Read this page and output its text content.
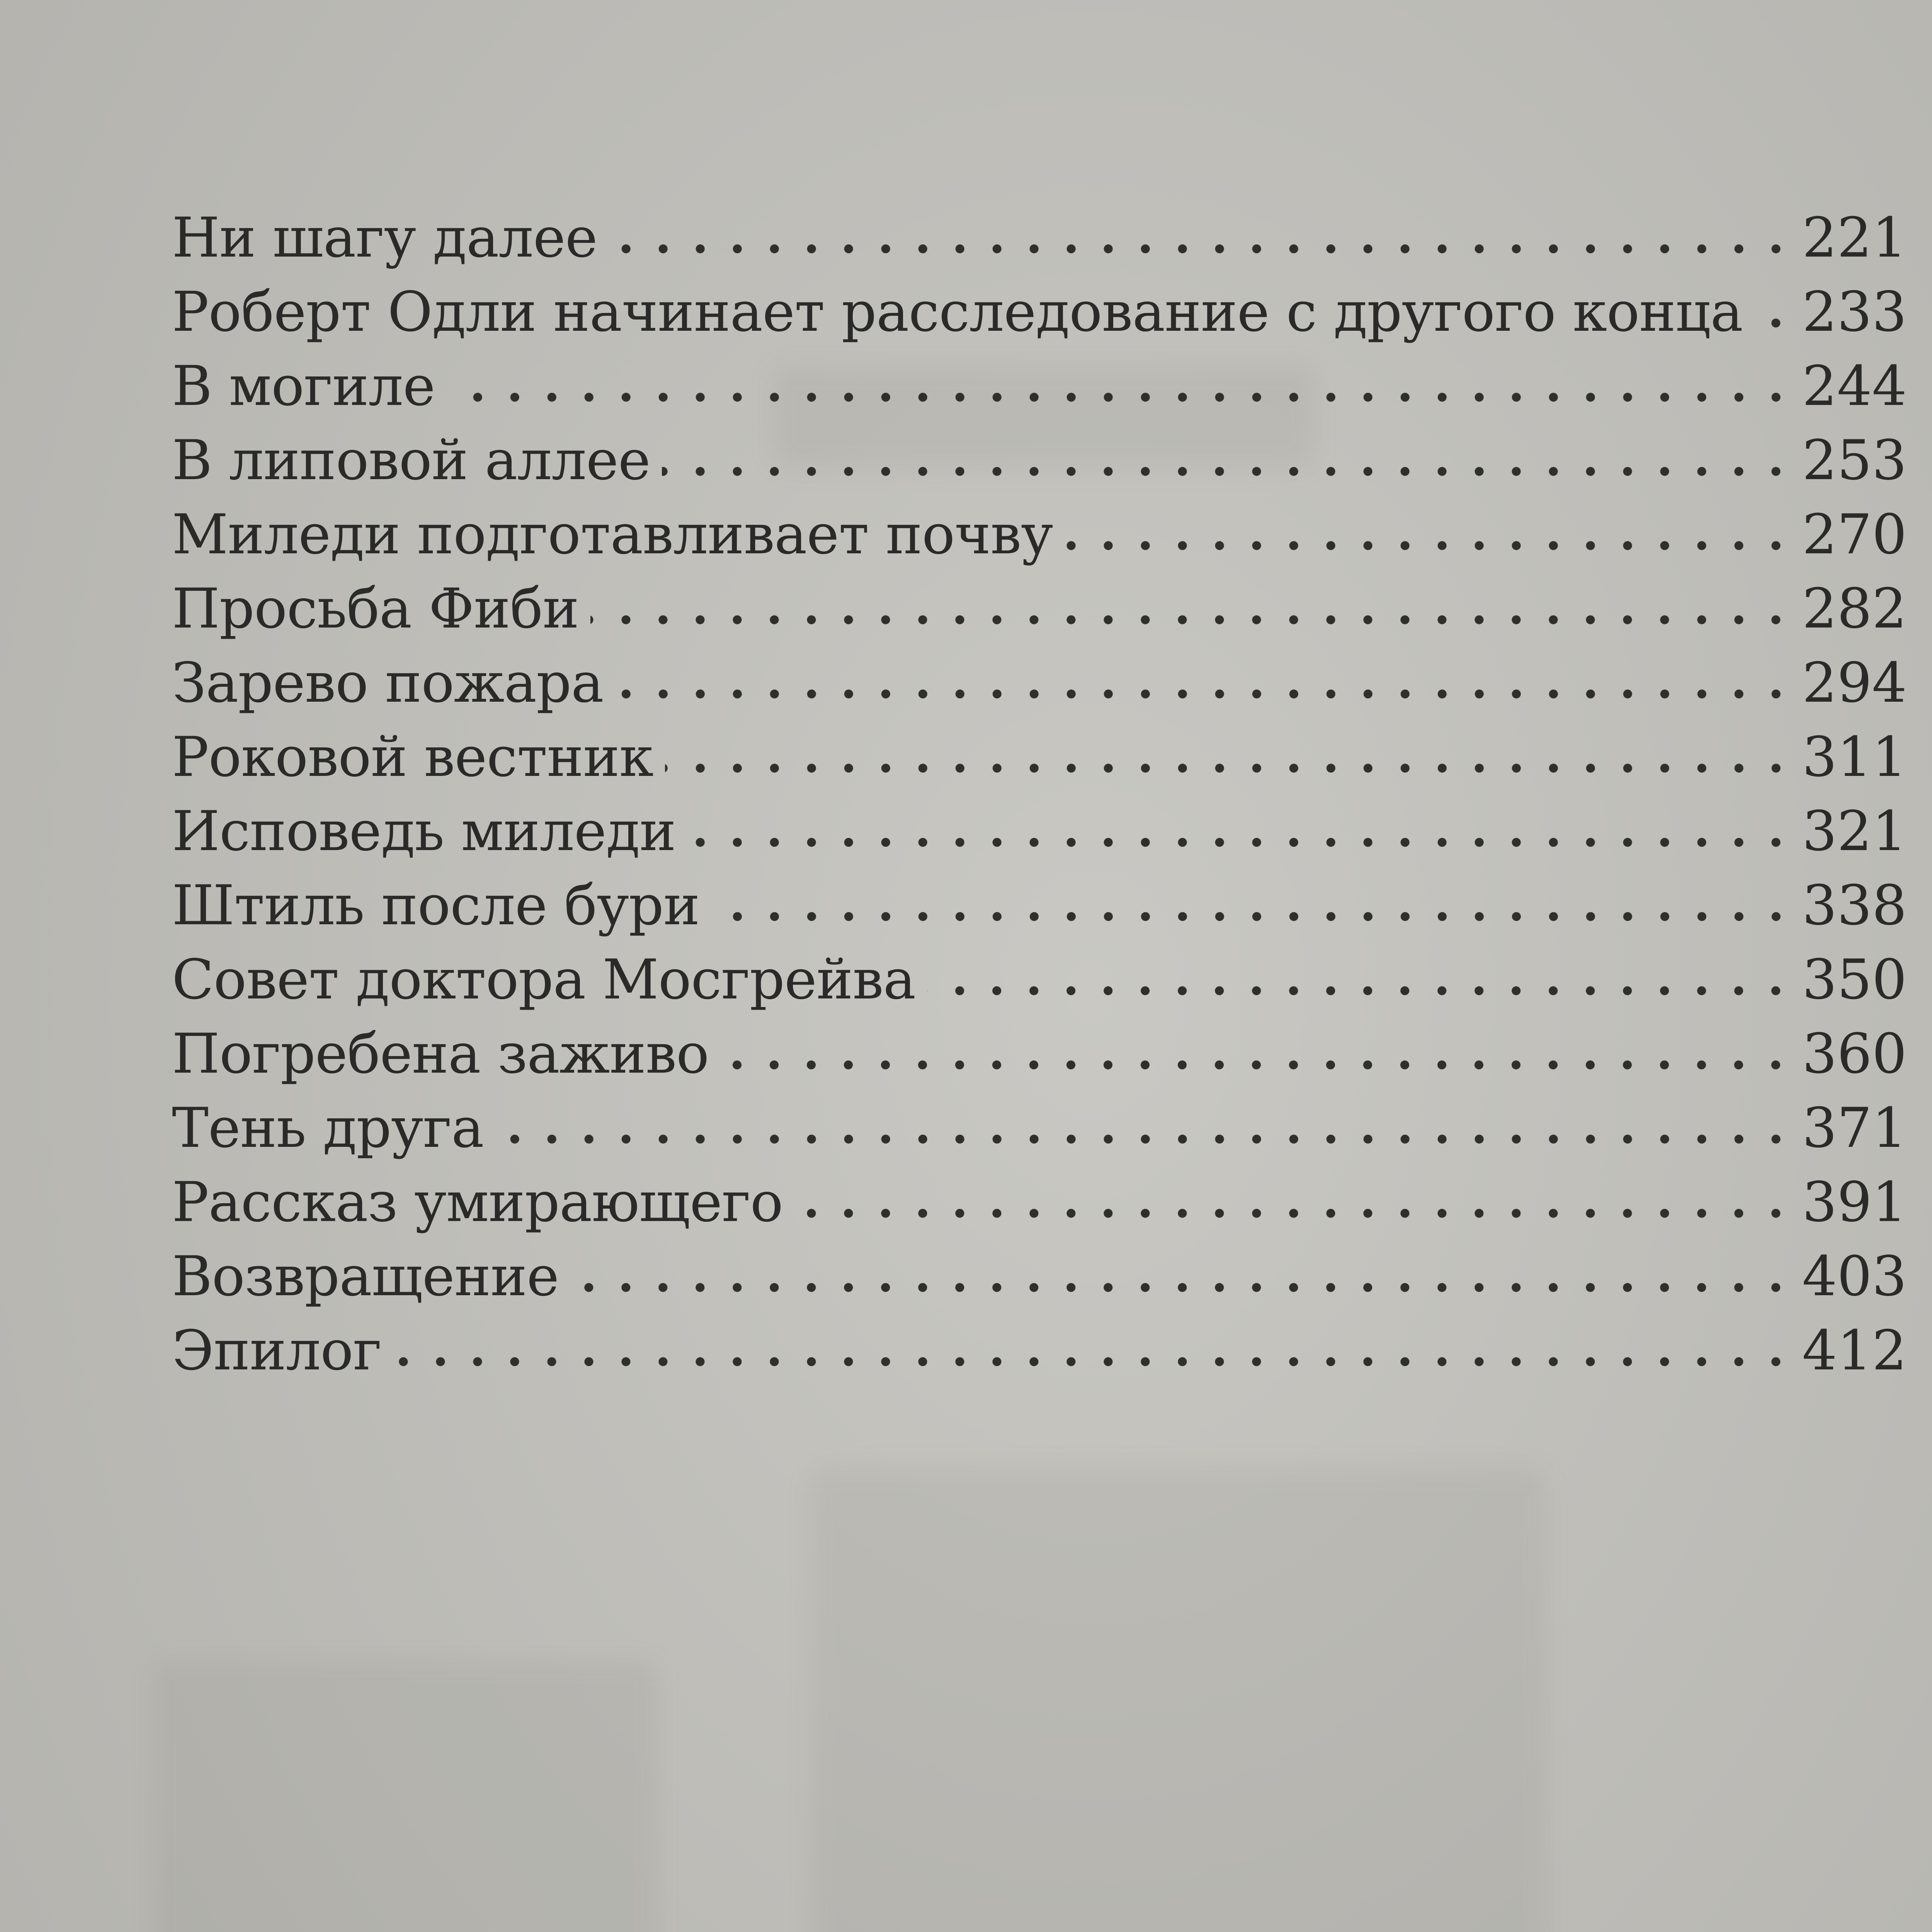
Ни шагу далее	221
Роберт Одли начинает расследование с другого конца 233
В могиле	244
В липовой аллее	253
Миледи подготавливает почву	270
Просьба Фиби	282
Зарево пожара	294
Роковой вестник	311
Исповедь миледи	321
Штиль после бури	338
Совет доктора Мосгрейва	350
Погребена заживо	360
Тень друга	371
Рассказ умирающего	391
Возвращение	403
Эпилог	412
